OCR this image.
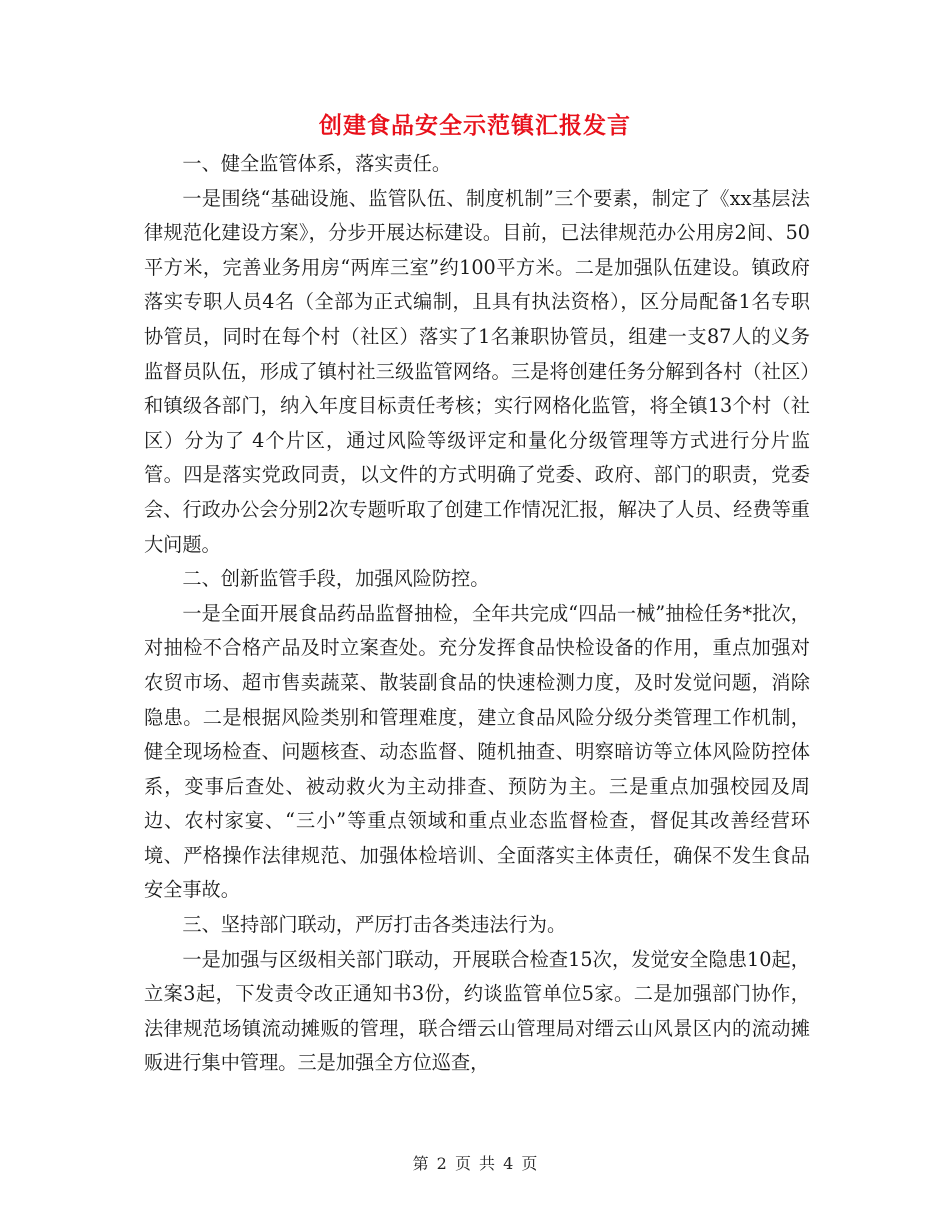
创建食品安全示范镇汇报发言

一、健全监管体系，落实责任。

一是围绕“基础设施、监管队伍、制度机制”三个要素，制定了《xx基层法律规范化建设方案》，分步开展达标建设。目前，已法律规范办公用房2间、50平方米，完善业务用房“两库三室”约100平方米。二是加强队伍建设。镇政府落实专职人员4名（全部为正式编制，且具有执法资格），区分局配备1名专职协管员，同时在每个村（社区）落实了1名兼职协管员，组建一支87人的义务监督员队伍，形成了镇村社三级监管网络。三是将创建任务分解到各村（社区）和镇级各部门，纳入年度目标责任考核；实行网格化监管，将全镇13个村（社区）分为了 4个片区，通过风险等级评定和量化分级管理等方式进行分片监管。四是落实党政同责，以文件的方式明确了党委、政府、部门的职责，党委会、行政办公会分别2次专题听取了创建工作情况汇报，解决了人员、经费等重大问题。

二、创新监管手段，加强风险防控。

一是全面开展食品药品监督抽检，全年共完成“四品一械”抽检任务*批次，对抽检不合格产品及时立案查处。充分发挥食品快检设备的作用，重点加强对农贸市场、超市售卖蔬菜、散装副食品的快速检测力度，及时发觉问题，消除隐患。二是根据风险类别和管理难度，建立食品风险分级分类管理工作机制，健全现场检查、问题核查、动态监督、随机抽查、明察暗访等立体风险防控体系，变事后查处、被动救火为主动排查、预防为主。三是重点加强校园及周边、农村家宴、“三小”等重点领域和重点业态监督检查，督促其改善经营环境、严格操作法律规范、加强体检培训、全面落实主体责任，确保不发生食品安全事故。

三、坚持部门联动，严厉打击各类违法行为。

一是加强与区级相关部门联动，开展联合检查15次，发觉安全隐患10起，立案3起，下发责令改正通知书3份，约谈监管单位5家。二是加强部门协作，法律规范场镇流动摊贩的管理，联合缙云山管理局对缙云山风景区内的流动摊贩进行集中管理。三是加强全方位巡查，

第 2 页 共 4 页
